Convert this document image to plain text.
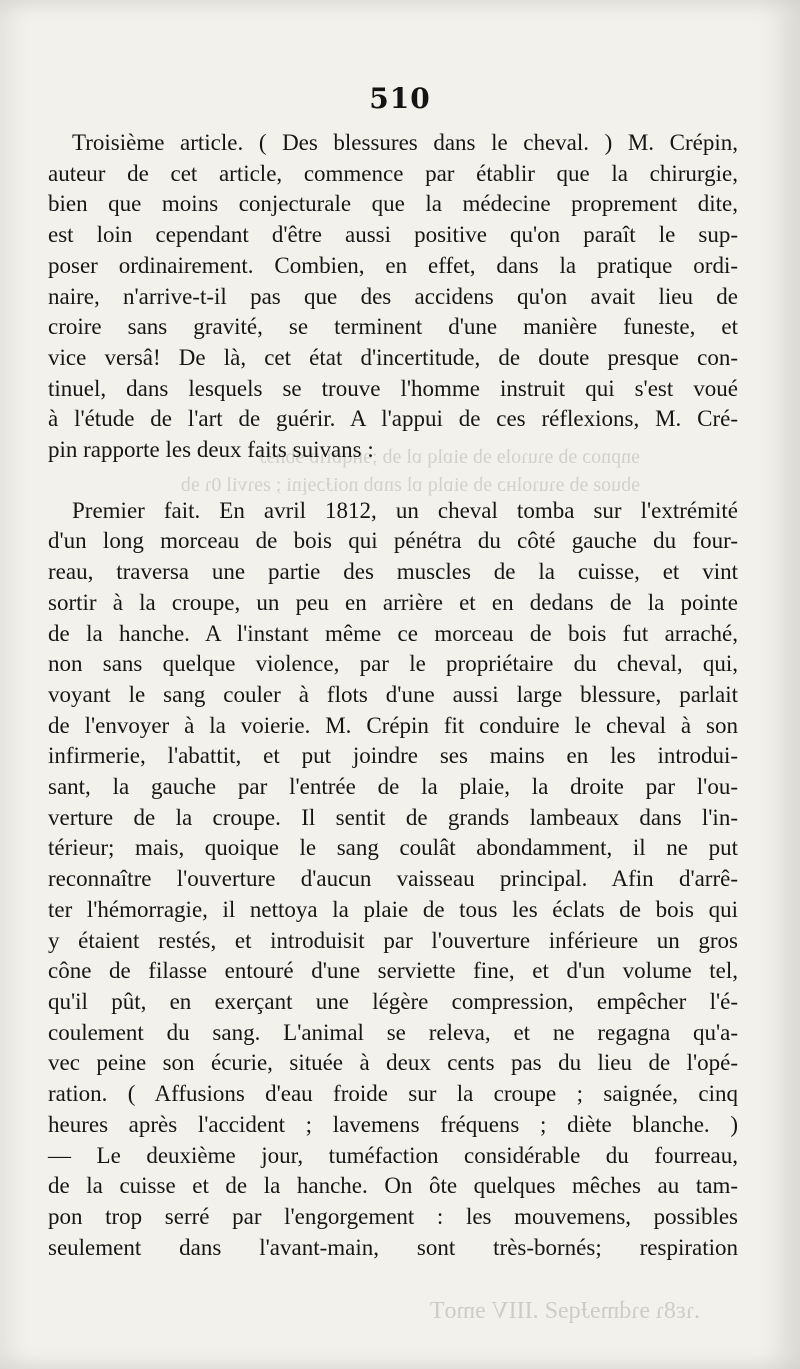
ɘnpnoɔ ɘb ɘɿuɿolɘ ɘb ɘiɒlq ɒl ɘb ;ɘʜqɒiɿɒ ɘbnɘɈ
ɘbuoƨ ɘb ɘɿuɿolʜɔ ɘb ɘiɒlq ɒl ƨnɒb noiɈɔɘįni ; ƨɘɿvil 0ɿ ɘb
.ɿɛ8ɿ ɘɿdmɘɈqɘƧ .IIIV ɘmoT
510
Troisième article. ( Des blessures dans le cheval. ) M. Crépin,
auteur de cet article, commence par établir que la chirurgie,
bien que moins conjecturale que la médecine proprement dite,
est loin cependant d'être aussi positive qu'on paraît le sup-
poser ordinairement. Combien, en effet, dans la pratique ordi-
naire, n'arrive-t-il pas que des accidens qu'on avait lieu de
croire sans gravité, se terminent d'une manière funeste, et
vice versâ! De là, cet état d'incertitude, de doute presque con-
tinuel, dans lesquels se trouve l'homme instruit qui s'est voué
à l'étude de l'art de guérir. A l'appui de ces réflexions, M. Cré-
pin rapporte les deux faits suivans :
Premier fait. En avril 1812, un cheval tomba sur l'extrémité
d'un long morceau de bois qui pénétra du côté gauche du four-
reau, traversa une partie des muscles de la cuisse, et vint
sortir à la croupe, un peu en arrière et en dedans de la pointe
de la hanche. A l'instant même ce morceau de bois fut arraché,
non sans quelque violence, par le propriétaire du cheval, qui,
voyant le sang couler à flots d'une aussi large blessure, parlait
de l'envoyer à la voierie. M. Crépin fit conduire le cheval à son
infirmerie, l'abattit, et put joindre ses mains en les introdui-
sant, la gauche par l'entrée de la plaie, la droite par l'ou-
verture de la croupe. Il sentit de grands lambeaux dans l'in-
térieur; mais, quoique le sang coulât abondamment, il ne put
reconnaître l'ouverture d'aucun vaisseau principal. Afin d'arrê-
ter l'hémorragie, il nettoya la plaie de tous les éclats de bois qui
y étaient restés, et introduisit par l'ouverture inférieure un gros
cône de filasse entouré d'une serviette fine, et d'un volume tel,
qu'il pût, en exerçant une légère compression, empêcher l'é-
coulement du sang. L'animal se releva, et ne regagna qu'a-
vec peine son écurie, située à deux cents pas du lieu de l'opé-
ration. ( Affusions d'eau froide sur la croupe ; saignée, cinq
heures après l'accident ; lavemens fréquens ; diète blanche. )
— Le deuxième jour, tuméfaction considérable du fourreau,
de la cuisse et de la hanche. On ôte quelques mêches au tam-
pon trop serré par l'engorgement : les mouvemens, possibles
seulement dans l'avant-main, sont très-bornés; respiration
